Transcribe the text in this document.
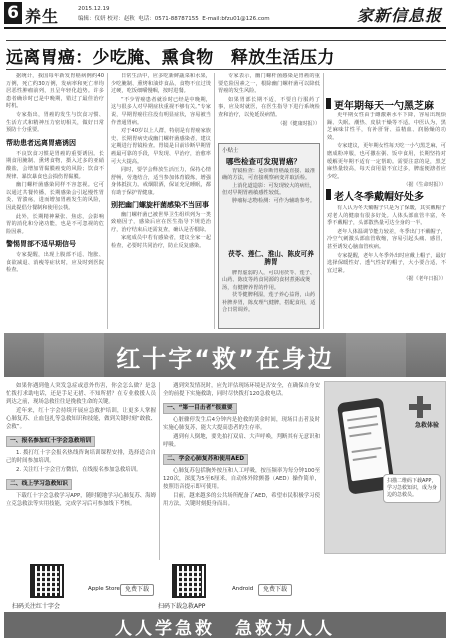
6 养生	2015.12.19
编辑：仪妍 校对：赵秋 电话：0571-88787155 E-mail:bfzu01@126.com	家新信息报
远离胃癌：少吃腌、熏食物　释放生活压力

据统计，我国每年新发胃癌病例约40万例，死亡约30万例，发病率和死亡率均居恶性肿瘤前列，且呈年轻化趋势。许多患者确诊时已是中晚期，错过了最佳治疗时机。

专家指出，胃癌的发生与饮食习惯、生活方式和精神压力密切相关，做好日常预防十分重要。

帮助患者远离胃癌诱因

不良饮食习惯是胃癌的重要诱因。长期食用腌制、熏烤食物，摄入过多的亚硝酸盐，会增加胃黏膜癌变的风险；饮食不规律、暴饮暴食也会损伤胃黏膜。

幽门螺杆菌感染同样不容忽视。它可以通过共餐传播，长期感染会引起慢性胃炎、胃溃疡，进而增加胃癌发生的风险，因此提倡分餐制和使用公筷。

此外，长期精神紧张、焦虑，会影响胃的消化和分泌功能，也是不可忽视的危险因素。

警惕胃部不适早期信号

专家提醒，出现上腹部不适、饱胀、食欲减退、消瘦等症状时，应及时到医院检查。

日常生活中，应多吃新鲜蔬菜和水果，少吃腌制、熏烤和油炸食品，食物不宜过烫过硬，吃饭细嚼慢咽，按时进餐。

“不少胃癌患者就诊时已经是中晚期，这与很多人对早期症状重视不够有关。”专家说，早期胃癌往往没有明显症状，容易被当作普通胃病。

对于40岁以上人群，特别是有胃癌家族史、长期胃病史或幽门螺杆菌感染者，建议定期进行胃镜检查。胃镜是目前诊断早期胃癌最可靠的手段，早发现、早治疗，治愈率可大大提高。

同时，要学会释放生活压力，保持心情舒畅，劳逸结合，适当参加体育锻炼，增强身体抵抗力。戒烟限酒，保证充足睡眠，都有助于保护胃健康。

别把幽门螺旋杆菌感染不当回事

幽门螺杆菌已被世界卫生组织列为一类致癌因子，感染后应在医生指导下规范治疗，治疗结束后还需复查，确认是否根除。

家庭成员中若有感染者，建议全家一起检查，必要时共同治疗，防止反复感染。

专家表示，幽门螺杆菌感染是胃癌的重要危险因素之一，根除幽门螺杆菌可以降低胃癌的发生风险。

如果胃部长期不适，不要自行服药了事，应及时就医，在医生指导下进行系统检查和治疗，以免延误病情。

（据《健康时报》）
小贴士
哪些检查可发现胃癌？
胃镜检查：是诊断胃癌最直接、最准确的方法，可直接观察病变并取活检。
上消化道造影：可发现较大的病灶，但对早期胃癌敏感性较低。
肿瘤标志物检测：可作为辅助参考。
茯苓、莲仁、淮山、陈皮可养脾胃
脾胃虚弱的人，可以用茯苓、莲子、山药、陈皮等药食同源的食材煮粥或煲汤，有健脾养胃的作用。
茯苓健脾利湿，莲子养心益肾，山药补脾养胃，陈皮理气健脾，搭配食用，适合日常调养。
更年期每天一勺黑芝麻

更年期女性由于雌激素水平下降，容易出现烦躁、失眠、潮热、皮肤干燥等不适。中医认为，黑芝麻味甘性平，有补肝肾、益精血、润肠燥的功效。

专家建议，更年期女性每天吃一小勺黑芝麻，可磨成粉冲服，也可撒在粥、饭中食用，长期坚持对缓解更年期不适有一定帮助。需要注意的是，黑芝麻热量较高，每天食用量不宜过多，脾虚便溏者应少吃。

（据《生命时报》）
老人冬季戴帽好处多

有人认为冬天戴帽子只是为了保暖，其实戴帽子对老人的健康有很多好处。人体头部血管丰富，冬季不戴帽子，头部散热量可达全身的一半。

老年人体温调节能力较差，冬季出门不戴帽子，冷空气刺激头部血管收缩，容易引起头痛、感冒，甚至诱发心脑血管疾病。

专家提醒，老年人冬季外出时应戴上帽子，最好选择保暖性好、透气性好的帽子，大小要合适，不宜过紧。

（据《老年日报》）
红十字“救”在身边

如果你遇到他人突发急症或意外伤害，你会怎么做？是急忙拨打求助电话，还是手足无措、不知所措？在专业救援人员到达之前，现场急救往往是挽救生命的关键。

近年来，红十字会持续开展应急救护培训，让更多人掌握心肺复苏、止血包扎等急救知识和技能，做到关键时刻“敢救、会救”。

一、报名参加红十字会急救培训

1. 拨打红十字会报名热线咨询培训课程安排，选择适合自己的时间参加培训。

2. 关注红十字会官方微信，在线报名参加急救培训。

二、线上学习急救知识

下载红十字会急救学习APP，随时随地学习心肺复苏、海姆立克急救法等实用技能，完成学习后可参加线下考核。

遇到突发情况时，应先评估现场环境是否安全，在确保自身安全的前提下实施救助，同时尽快拨打120急救电话。

一、“第一目击者”很重要

心脏骤停发生后4分钟内是抢救的黄金时间，现场目击者及时实施心肺复苏，能大大提高患者的生存率。

遇到有人倒地，要先拍打双肩、大声呼唤，判断其有无意识和呼吸。

二、学会心肺复苏和使用AED

心肺复苏包括胸外按压和人工呼吸，按压频率为每分钟100至120次，深度为5至6厘米。自动体外除颤器（AED）操作简单，按照语音提示即可使用。

目前，越来越多的公共场所配备了AED，希望市民积极学习使用方法，关键时刻挺身而出。

急救体验
扫描二维码下载APP，学习急救知识，成为身边的急救员。
扫码关注红十字会
Apple Store 免费下载
扫码下载急救APP
Android	免费下载
人人学急救　急救为人人
